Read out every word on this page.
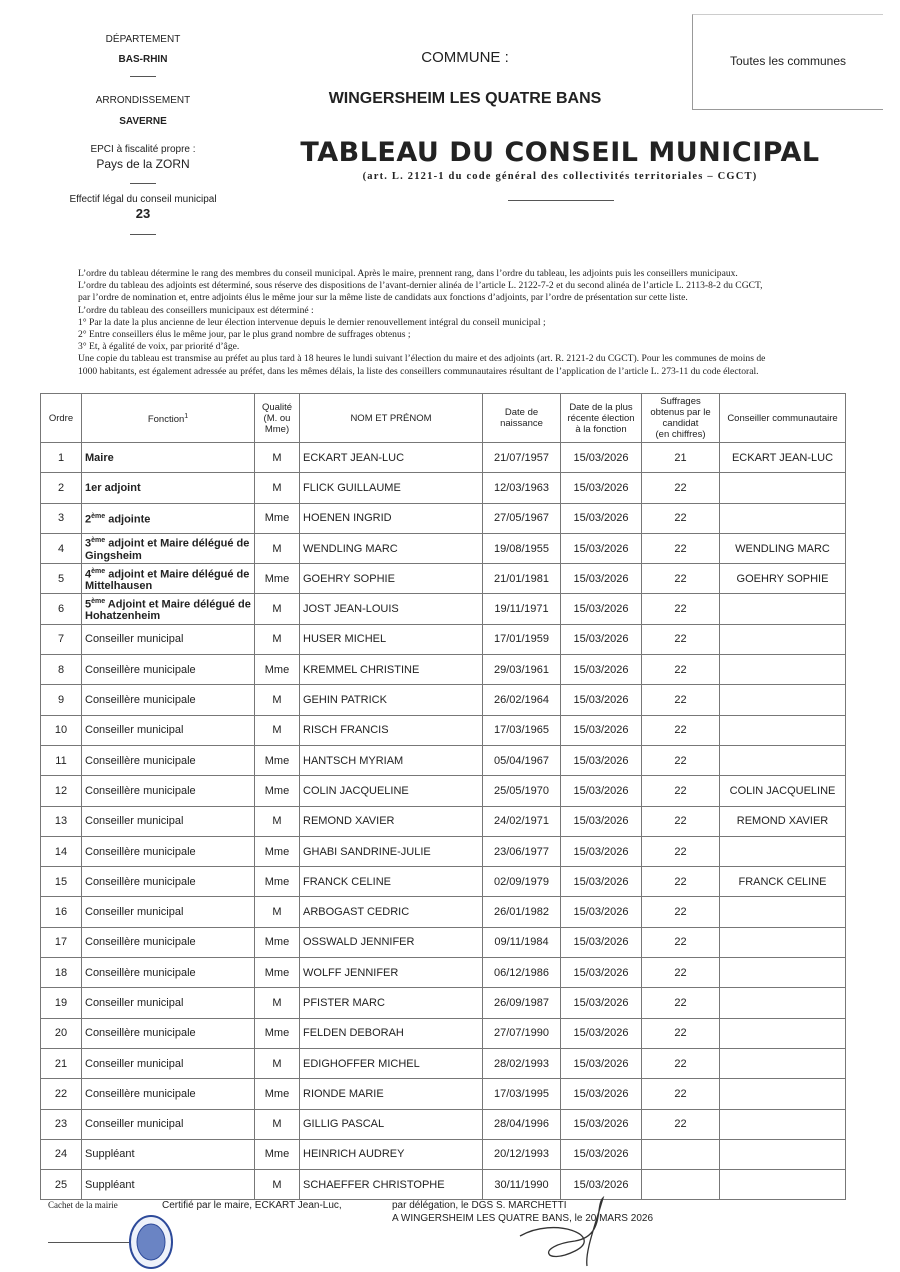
DÉPARTEMENT
BAS-RHIN
ARRONDISSEMENT
SAVERNE
EPCI à fiscalité propre :
Pays de la ZORN
Effectif légal du conseil municipal
23
COMMUNE :
WINGERSHEIM LES QUATRE BANS
TABLEAU DU CONSEIL MUNICIPAL
(art. L. 2121-1 du code général des collectivités territoriales – CGCT)
Toutes les communes
L’ordre du tableau détermine le rang des membres du conseil municipal. Après le maire, prennent rang, dans l’ordre du tableau, les adjoints puis les conseillers municipaux.
L’ordre du tableau des adjoints est déterminé, sous réserve des dispositions de l’avant-dernier alinéa de l’article L. 2122-7-2 et du second alinéa de l’article L. 2113-8-2 du CGCT,
par l’ordre de nomination et, entre adjoints élus le même jour sur la même liste de candidats aux fonctions d’adjoints, par l’ordre de présentation sur cette liste.
L’ordre du tableau des conseillers municipaux est déterminé :
1° Par la date la plus ancienne de leur élection intervenue depuis le dernier renouvellement intégral du conseil municipal ;
2° Entre conseillers élus le même jour, par le plus grand nombre de suffrages obtenus ;
3° Et, à égalité de voix, par priorité d’âge.
Une copie du tableau est transmise au préfet au plus tard à 18 heures le lundi suivant l’élection du maire et des adjoints (art. R. 2121-2 du CGCT). Pour les communes de moins de
1000 habitants, est également adressée au préfet, dans les mêmes délais, la liste des conseillers communautaires résultant de l’application de l’article L. 273-11 du code électoral.
Ordre	Fonction$^1$	Qualité (M. ou Mme)	NOM ET PRÉNOM	Date de naissance	Date de la plus récente élection à la fonction	Suffrages obtenus par le candidat
(en chiffres)	Conseiller communautaire
1	Maire	M	ECKART JEAN-LUC	21/07/1957	15/03/2026	21	ECKART JEAN-LUC
2	1er adjoint	M	FLICK GUILLAUME	12/03/1963	15/03/2026	22	
3	2ème adjointe	Mme	HOENEN INGRID	27/05/1967	15/03/2026	22	
4	3ème adjoint et Maire délégué de Gingsheim	M	WENDLING MARC	19/08/1955	15/03/2026	22	WENDLING MARC
5	4ème adjoint et Maire délégué de Mittelhausen	Mme	GOEHRY SOPHIE	21/01/1981	15/03/2026	22	GOEHRY SOPHIE
6	5ème Adjoint et Maire délégué de Hohatzenheim	M	JOST JEAN-LOUIS	19/11/1971	15/03/2026	22	
7	Conseiller municipal	M	HUSER MICHEL	17/01/1959	15/03/2026	22	
8	Conseillère municipale	Mme	KREMMEL CHRISTINE	29/03/1961	15/03/2026	22	
9	Conseillère municipale	M	GEHIN PATRICK	26/02/1964	15/03/2026	22	
10	Conseiller municipal	M	RISCH FRANCIS	17/03/1965	15/03/2026	22	
11	Conseillère municipale	Mme	HANTSCH MYRIAM	05/04/1967	15/03/2026	22	
12	Conseillère municipale	Mme	COLIN JACQUELINE	25/05/1970	15/03/2026	22	COLIN JACQUELINE
13	Conseiller municipal	M	REMOND XAVIER	24/02/1971	15/03/2026	22	REMOND XAVIER
14	Conseillère municipale	Mme	GHABI SANDRINE-JULIE	23/06/1977	15/03/2026	22	
15	Conseillère municipale	Mme	FRANCK CELINE	02/09/1979	15/03/2026	22	FRANCK CELINE
16	Conseiller municipal	M	ARBOGAST CEDRIC	26/01/1982	15/03/2026	22	
17	Conseillère municipale	Mme	OSSWALD JENNIFER	09/11/1984	15/03/2026	22	
18	Conseillère municipale	Mme	WOLFF JENNIFER	06/12/1986	15/03/2026	22	
19	Conseiller municipal	M	PFISTER MARC	26/09/1987	15/03/2026	22	
20	Conseillère municipale	Mme	FELDEN DEBORAH	27/07/1990	15/03/2026	22	
21	Conseiller municipal	M	EDIGHOFFER MICHEL	28/02/1993	15/03/2026	22	
22	Conseillère municipale	Mme	RIONDE MARIE	17/03/1995	15/03/2026	22	
23	Conseiller municipal	M	GILLIG PASCAL	28/04/1996	15/03/2026	22	
24	Suppléant	Mme	HEINRICH AUDREY	20/12/1993	15/03/2026		
25	Suppléant	M	SCHAEFFER CHRISTOPHE	30/11/1990	15/03/2026		
Cachet de la mairie	Certifié par le maire, ECKART Jean-Luc,	par délégation, le DGS S. MARCHETTI
A WINGERSHEIM LES QUATRE BANS, le 20 MARS 2026
